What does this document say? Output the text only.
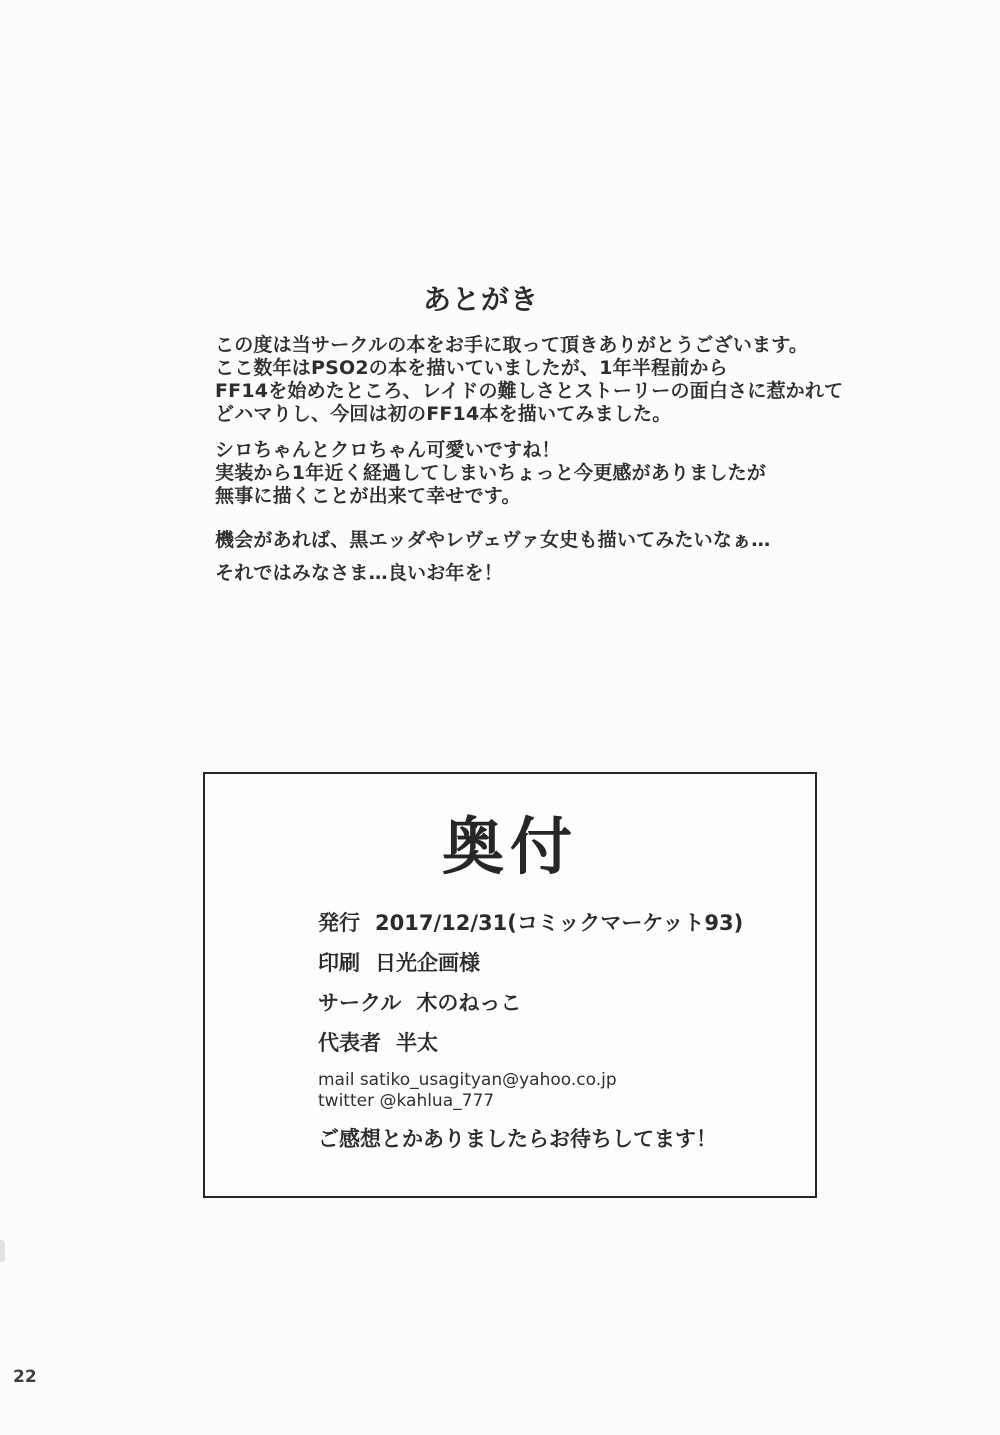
あとがき

この度は当サークルの本をお手に取って頂きありがとうございます。
ここ数年はPSO2の本を描いていましたが、1年半程前から
FF14を始めたところ、レイドの難しさとストーリーの面白さに惹かれて
どハマりし、今回は初のFF14本を描いてみました。

シロちゃんとクロちゃん可愛いですね！
実装から1年近く経過してしまいちょっと今更感がありましたが
無事に描くことが出来て幸せです。

機会があれば、黒エッダやレヴェヴァ女史も描いてみたいなぁ…

それではみなさま…良いお年を！

奥付
発行 2017/12/31(コミックマーケット93)
印刷 日光企画様
サークル 木のねっこ
代表者 半太
mail satiko_usagityan@yahoo.co.jp
twitter @kahlua_777
ご感想とかありましたらお待ちしてます！
22
